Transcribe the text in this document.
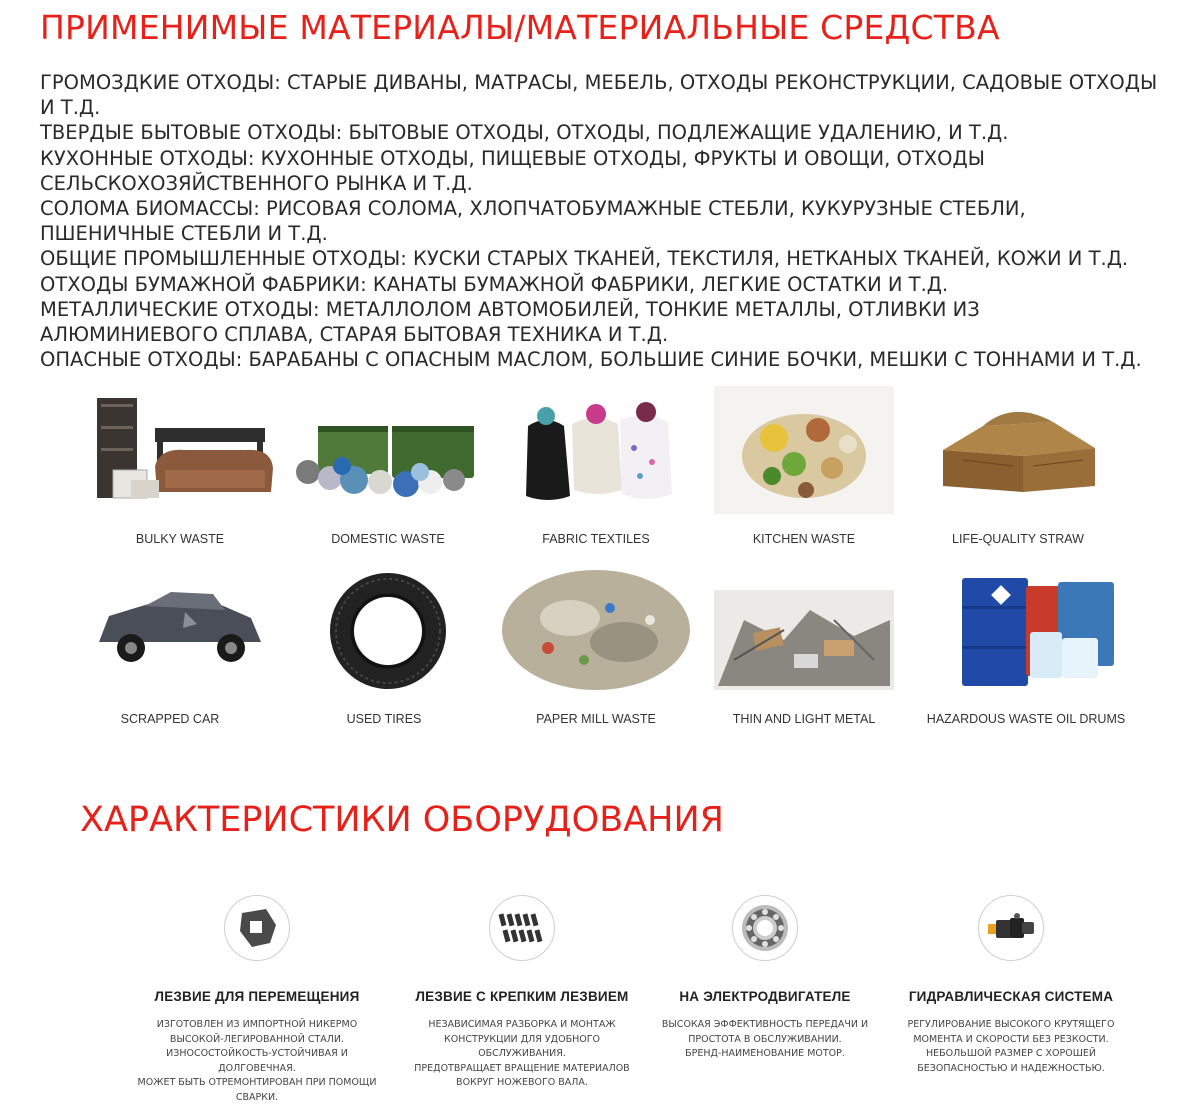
ПРИМЕНИМЫЕ МАТЕРИАЛЫ/МАТЕРИАЛЬНЫЕ СРЕДСТВА
ГРОМОЗДКИЕ ОТХОДЫ: СТАРЫЕ ДИВАНЫ, МАТРАСЫ, МЕБЕЛЬ, ОТХОДЫ РЕКОНСТРУКЦИИ, САДОВЫЕ ОТХОДЫ И Т.Д.
ТВЕРДЫЕ БЫТОВЫЕ ОТХОДЫ: БЫТОВЫЕ ОТХОДЫ, ОТХОДЫ, ПОДЛЕЖАЩИЕ УДАЛЕНИЮ, И Т.Д.
КУХОННЫЕ ОТХОДЫ: КУХОННЫЕ ОТХОДЫ, ПИЩЕВЫЕ ОТХОДЫ, ФРУКТЫ И ОВОЩИ, ОТХОДЫ СЕЛЬСКОХОЗЯЙСТВЕННОГО РЫНКА И Т.Д.
СОЛОМА БИОМАССЫ: РИСОВАЯ СОЛОМА, ХЛОПЧАТОБУМАЖНЫЕ СТЕБЛИ, КУКУРУЗНЫЕ СТЕБЛИ, ПШЕНИЧНЫЕ СТЕБЛИ И Т.Д.
ОБЩИЕ ПРОМЫШЛЕННЫЕ ОТХОДЫ: КУСКИ СТАРЫХ ТКАНЕЙ, ТЕКСТИЛЯ, НЕТКАНЫХ ТКАНЕЙ, КОЖИ И Т.Д.
ОТХОДЫ БУМАЖНОЙ ФАБРИКИ: КАНАТЫ БУМАЖНОЙ ФАБРИКИ, ЛЕГКИЕ ОСТАТКИ И Т.Д.
МЕТАЛЛИЧЕСКИЕ ОТХОДЫ: МЕТАЛЛОЛОМ АВТОМОБИЛЕЙ, ТОНКИЕ МЕТАЛЛЫ, ОТЛИВКИ ИЗ АЛЮМИНИЕВОГО СПЛАВА, СТАРАЯ БЫТОВАЯ ТЕХНИКА И Т.Д.
ОПАСНЫЕ ОТХОДЫ: БАРАБАНЫ С ОПАСНЫМ МАСЛОМ, БОЛЬШИЕ СИНИЕ БОЧКИ, МЕШКИ С ТОННАМИ И Т.Д.
BULKY WASTE	DOMESTIC WASTE	FABRIC TEXTILES	KITCHEN WASTE	LIFE-QUALITY STRAW
SCRAPPED CAR	USED TIRES	PAPER MILL WASTE	THIN AND LIGHT METAL	HAZARDOUS WASTE OIL DRUMS
ХАРАКТЕРИСТИКИ ОБОРУДОВАНИЯ
ЛЕЗВИЕ ДЛЯ ПЕРЕМЕЩЕНИЯ
ИЗГОТОВЛЕН ИЗ ИМПОРТНОЙ НИКЕРМО
ВЫСОКОЙ-ЛЕГИРОВАННОЙ СТАЛИ.
ИЗНОСОСТОЙКОСТЬ-УСТОЙЧИВАЯ И
ДОЛГОВЕЧНАЯ.
МОЖЕТ БЫТЬ ОТРЕМОНТИРОВАН ПРИ ПОМОЩИ
СВАРКИ.
ЛЕЗВИЕ С КРЕПКИМ ЛЕЗВИЕМ
НЕЗАВИСИМАЯ РАЗБОРКА И МОНТАЖ
КОНСТРУКЦИИ ДЛЯ УДОБНОГО ОБСЛУЖИВАНИЯ.
ПРЕДОТВРАЩАЕТ ВРАЩЕНИЕ МАТЕРИАЛОВ
ВОКРУГ НОЖЕВОГО ВАЛА.
НА ЭЛЕКТРОДВИГАТЕЛЕ
ВЫСОКАЯ ЭФФЕКТИВНОСТЬ ПЕРЕДАЧИ И
ПРОСТОТА В ОБСЛУЖИВАНИИ.
БРЕНД-НАИМЕНОВАНИЕ МОТОР.
ГИДРАВЛИЧЕСКАЯ СИСТЕМА
РЕГУЛИРОВАНИЕ ВЫСОКОГО КРУТЯЩЕГО
МОМЕНТА И СКОРОСТИ БЕЗ РЕЗКОСТИ.
НЕБОЛЬШОЙ РАЗМЕР С ХОРОШЕЙ
БЕЗОПАСНОСТЬЮ И НАДЕЖНОСТЬЮ.
